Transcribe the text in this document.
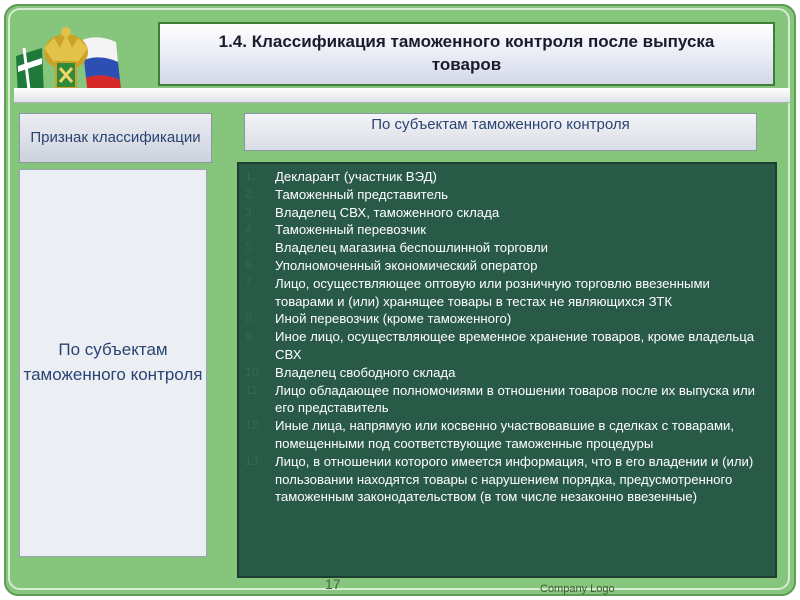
1.4. Классификация таможенного контроля после выпуска товаров
Признак классификации
По субъектам таможенного контроля
По субъектам таможенного контроля
1.	Декларант (участник ВЭД)
2.	Таможенный представитель
3.	Владелец СВХ, таможенного склада
4.	Таможенный перевозчик
5.	Владелец магазина беспошлинной торговли
6.	Уполномоченный экономический оператор
7.	Лицо, осуществляющее оптовую или розничную торговлю ввезенными товарами и (или) хранящее товары в тестах не являющихся ЗТК
8.	Иной перевозчик (кроме таможенного)
9.	Иное лицо, осуществляющее временное хранение товаров, кроме владельца СВХ
10.	Владелец свободного склада
11.	Лицо обладающее полномочиями в отношении товаров после их выпуска или его представитель
12.	Иные лица, напрямую или косвенно участвовавшие в сделках с товарами, помещенными под соответствующие таможенные процедуры
13.	Лицо, в отношении которого имеется информация, что в его владении и (или) пользовании находятся товары с нарушением порядка, предусмотренного таможенным законодательством (в том числе незаконно ввезенные)
17	Company Logo
